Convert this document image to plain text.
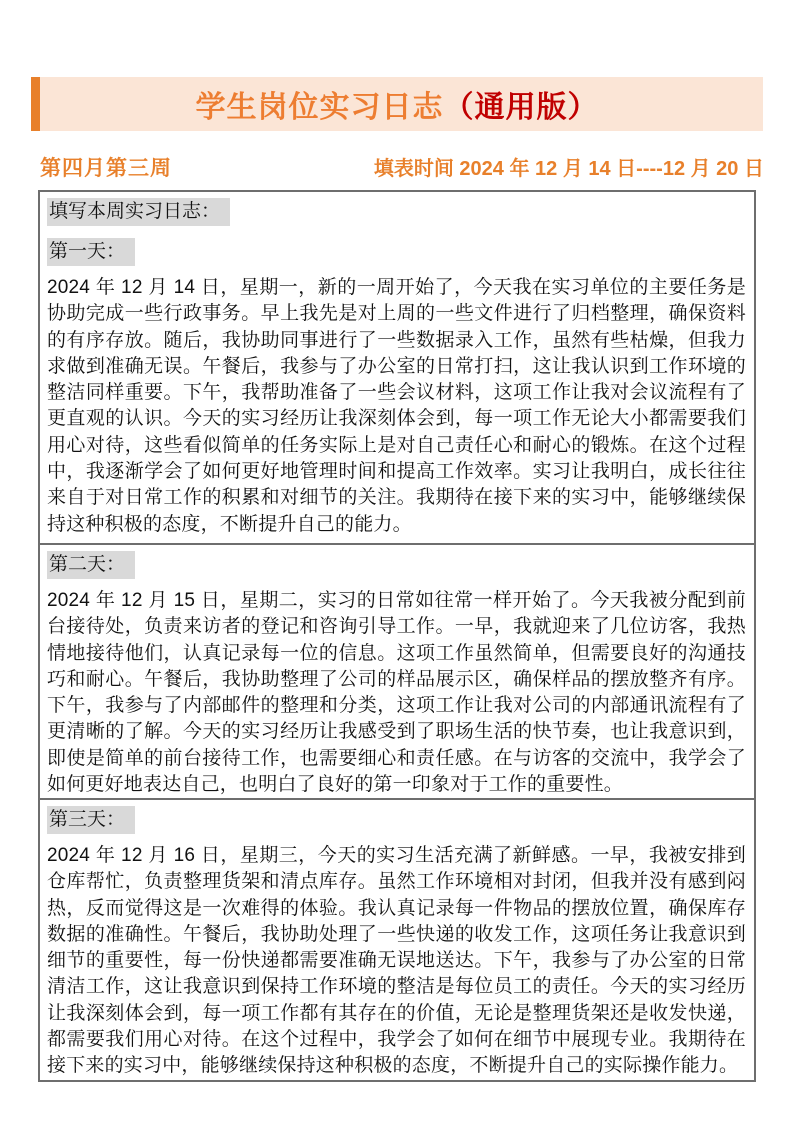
学生岗位实习日志（通用版）
第四月第三周	填表时间 2024 年 12 月 14 日----12 月 20 日
填写本周实习日志：
第一天：
2024 年 12 月 14 日，星期一，新的一周开始了，今天我在实习单位的主要任务是协助完成一些行政事务。早上我先是对上周的一些文件进行了归档整理，确保资料的有序存放。随后，我协助同事进行了一些数据录入工作，虽然有些枯燥，但我力求做到准确无误。午餐后，我参与了办公室的日常打扫，这让我认识到工作环境的整洁同样重要。下午，我帮助准备了一些会议材料，这项工作让我对会议流程有了更直观的认识。今天的实习经历让我深刻体会到，每一项工作无论大小都需要我们用心对待，这些看似简单的任务实际上是对自己责任心和耐心的锻炼。在这个过程中，我逐渐学会了如何更好地管理时间和提高工作效率。实习让我明白，成长往往来自于对日常工作的积累和对细节的关注。我期待在接下来的实习中，能够继续保持这种积极的态度，不断提升自己的能力。
第二天：
2024 年 12 月 15 日，星期二，实习的日常如往常一样开始了。今天我被分配到前台接待处，负责来访者的登记和咨询引导工作。一早，我就迎来了几位访客，我热情地接待他们，认真记录每一位的信息。这项工作虽然简单，但需要良好的沟通技巧和耐心。午餐后，我协助整理了公司的样品展示区，确保样品的摆放整齐有序。下午，我参与了内部邮件的整理和分类，这项工作让我对公司的内部通讯流程有了更清晰的了解。今天的实习经历让我感受到了职场生活的快节奏，也让我意识到，即使是简单的前台接待工作，也需要细心和责任感。在与访客的交流中，我学会了如何更好地表达自己，也明白了良好的第一印象对于工作的重要性。
第三天：
2024 年 12 月 16 日，星期三，今天的实习生活充满了新鲜感。一早，我被安排到仓库帮忙，负责整理货架和清点库存。虽然工作环境相对封闭，但我并没有感到闷热，反而觉得这是一次难得的体验。我认真记录每一件物品的摆放位置，确保库存数据的准确性。午餐后，我协助处理了一些快递的收发工作，这项任务让我意识到细节的重要性，每一份快递都需要准确无误地送达。下午，我参与了办公室的日常清洁工作，这让我意识到保持工作环境的整洁是每位员工的责任。今天的实习经历让我深刻体会到，每一项工作都有其存在的价值，无论是整理货架还是收发快递，都需要我们用心对待。在这个过程中，我学会了如何在细节中展现专业。我期待在接下来的实习中，能够继续保持这种积极的态度，不断提升自己的实际操作能力。
